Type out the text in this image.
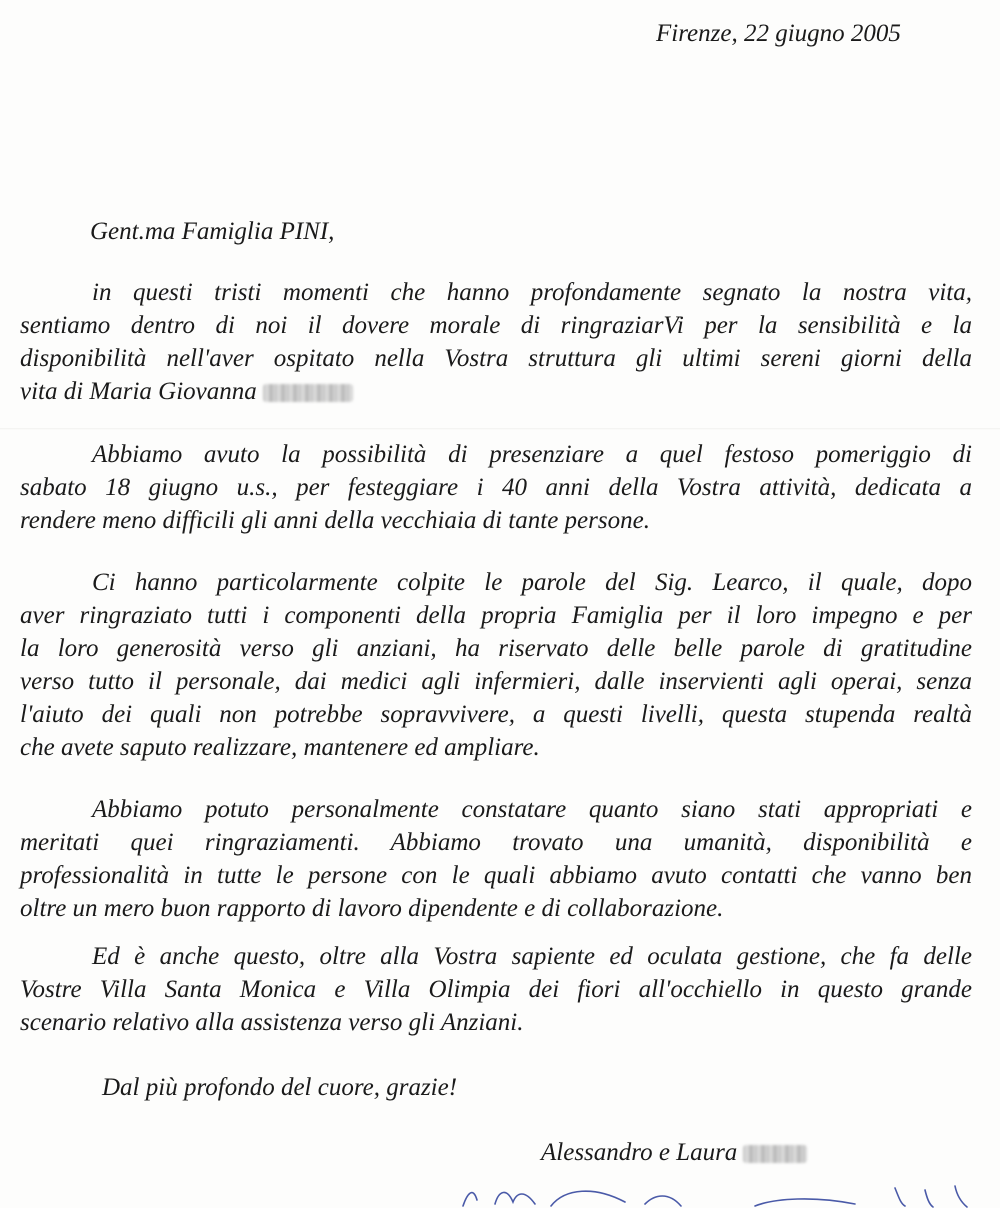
Firenze, 22 giugno 2005
Gent.ma Famiglia PINI,
in questi tristi momenti che hanno profondamente segnato la nostra vita,
sentiamo dentro di noi il dovere morale di ringraziarVi per la sensibilità e la
disponibilità nell'aver ospitato nella Vostra struttura gli ultimi sereni giorni della
vita di Maria Giovanna
Abbiamo avuto la possibilità di presenziare a quel festoso pomeriggio di
sabato 18 giugno u.s., per festeggiare i 40 anni della Vostra attività, dedicata a
rendere meno difficili gli anni della vecchiaia di tante persone.
Ci hanno particolarmente colpite le parole del Sig. Learco, il quale, dopo
aver ringraziato tutti i componenti della propria Famiglia per il loro impegno e per
la loro generosità verso gli anziani, ha riservato delle belle parole di gratitudine
verso tutto il personale, dai medici agli infermieri, dalle inservienti agli operai, senza
l'aiuto dei quali non potrebbe sopravvivere, a questi livelli, questa stupenda realtà
che avete saputo realizzare, mantenere ed ampliare.
Abbiamo potuto personalmente constatare quanto siano stati appropriati e
meritati quei ringraziamenti. Abbiamo trovato una umanità, disponibilità e
professionalità in tutte le persone con le quali abbiamo avuto contatti che vanno ben
oltre un mero buon rapporto di lavoro dipendente e di collaborazione.
Ed è anche questo, oltre alla Vostra sapiente ed oculata gestione, che fa delle
Vostre Villa Santa Monica e Villa Olimpia dei fiori all'occhiello in questo grande
scenario relativo alla assistenza verso gli Anziani.
Dal più profondo del cuore, grazie!
Alessandro e Laura
